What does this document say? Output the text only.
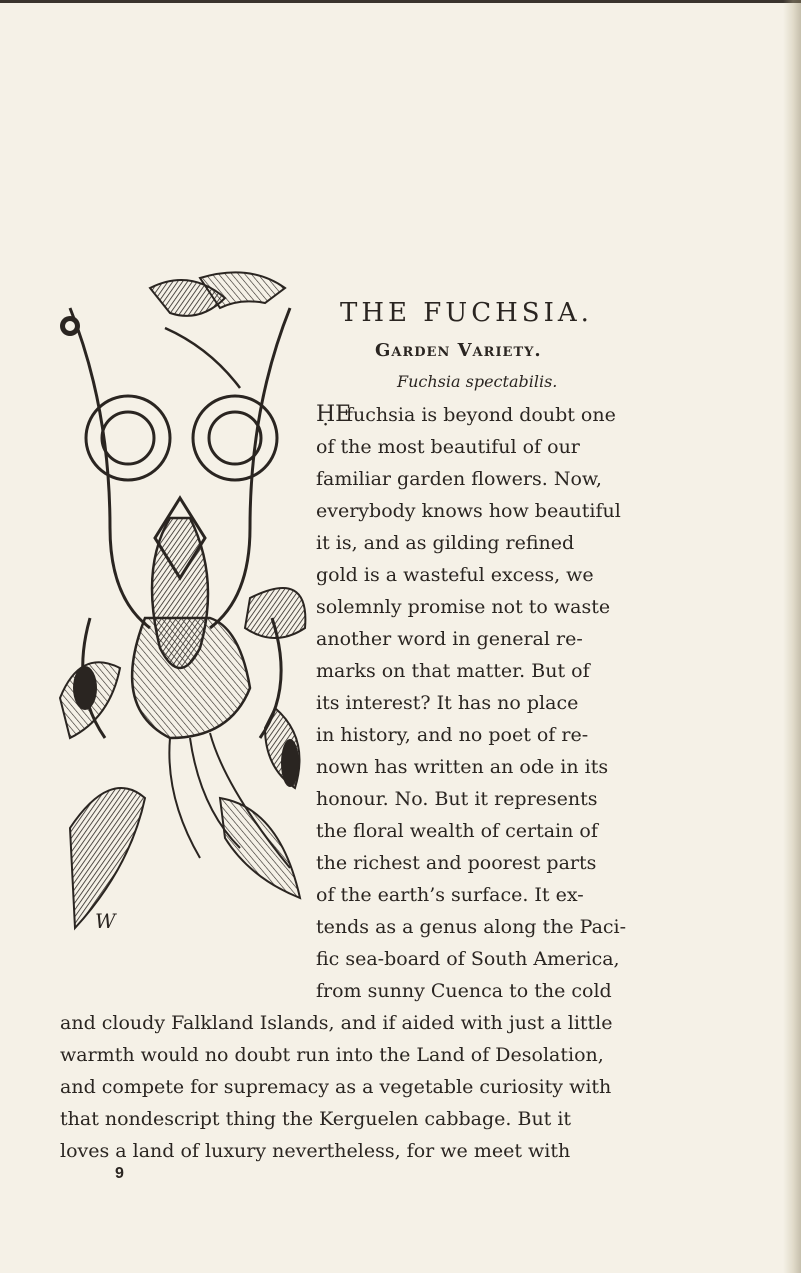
W
THE FUCHSIA.
Garden Variety.

Fuchsia spectabilis.

ḤE

fuchsia is beyond doubt one

of the most beautiful of our

familiar garden flowers. Now,

everybody knows how beautiful

it is, and as gilding refined

gold is a wasteful excess, we

solemnly promise not to waste

another word in general re-

marks on that matter. But of

its interest? It has no place

in history, and no poet of re-

nown has written an ode in its

honour. No. But it represents

the floral wealth of certain of

the richest and poorest parts

of the earth’s surface. It ex-

tends as a genus along the Paci-

fic sea-board of South America,

from sunny Cuenca to the cold

and cloudy Falkland Islands, and if aided with just a little

warmth would no doubt run into the Land of Desolation,

and compete for supremacy as a vegetable curiosity with

that nondescript thing the Kerguelen cabbage. But it

loves a land of luxury nevertheless, for we meet with

9
